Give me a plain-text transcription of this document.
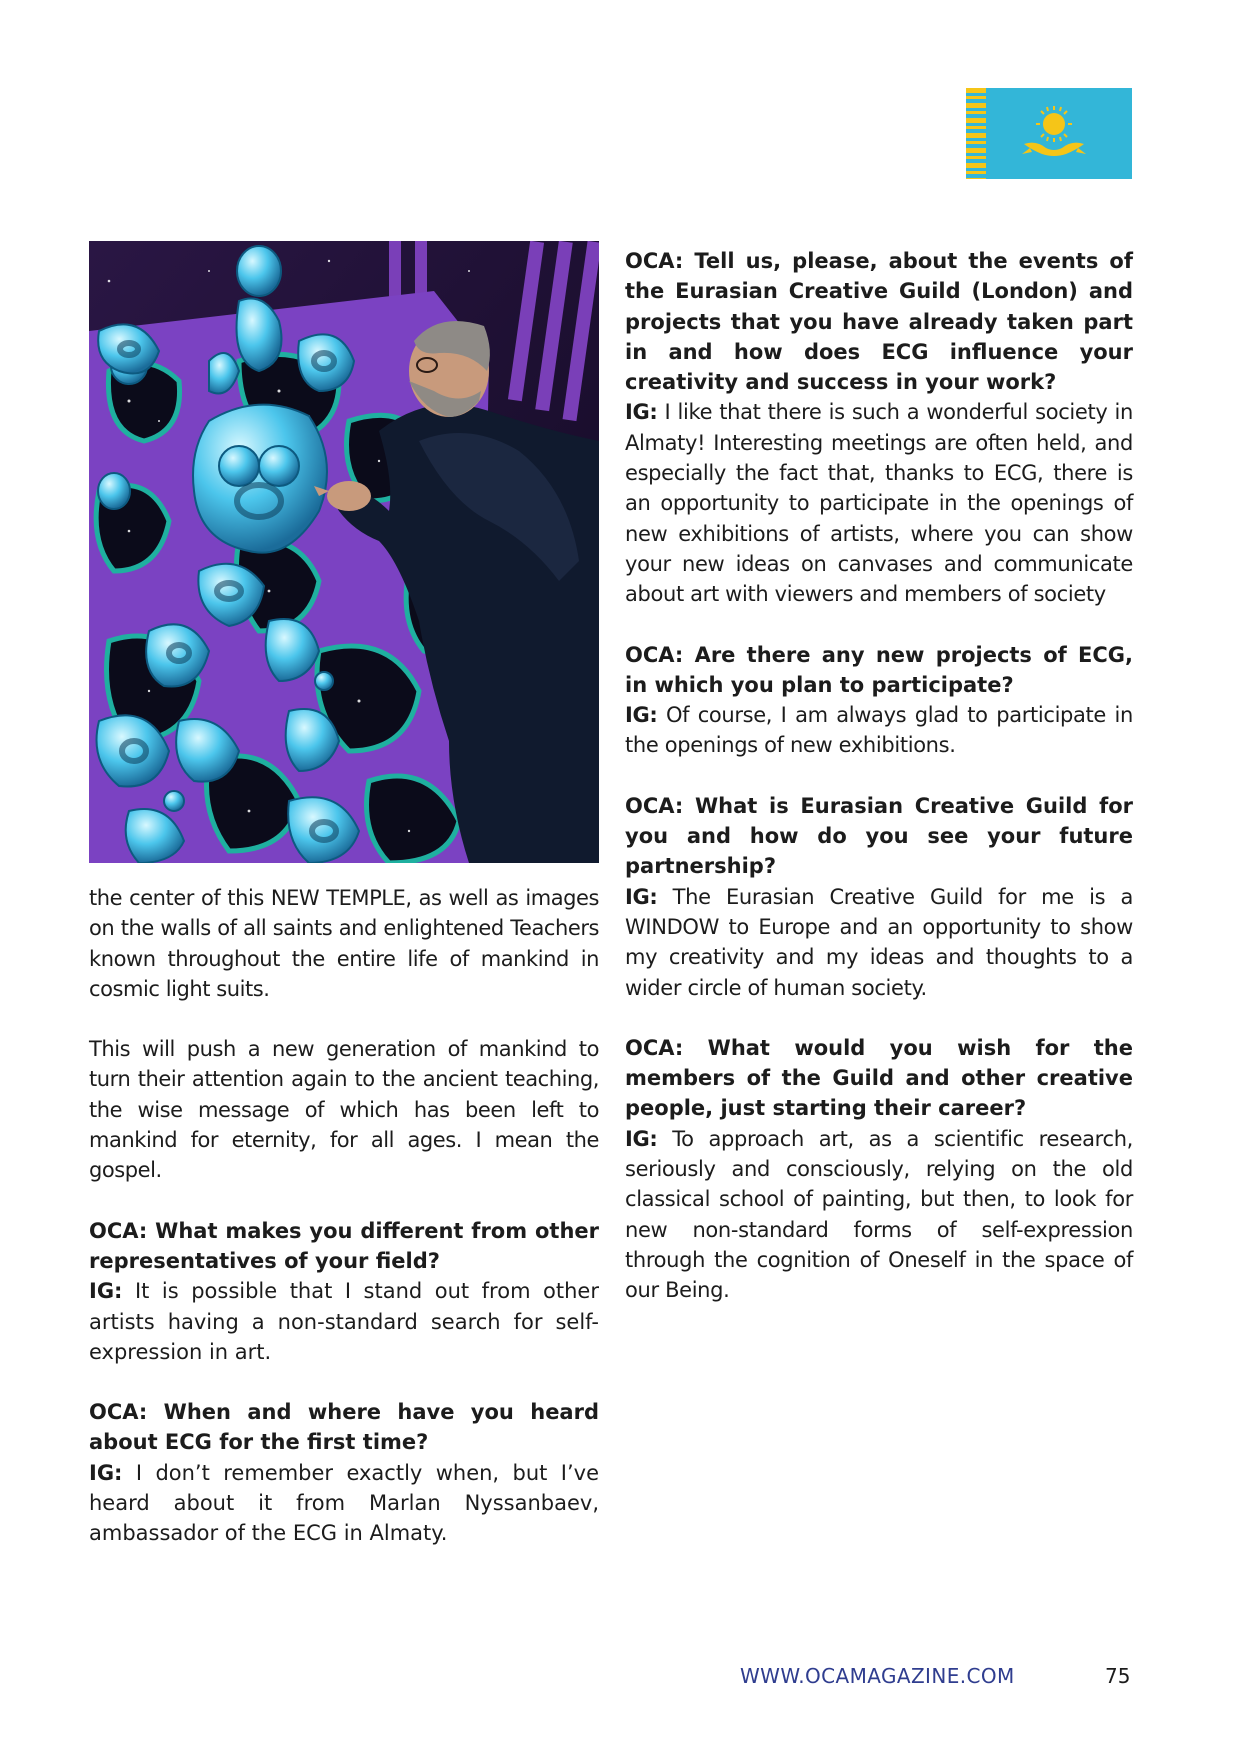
the center of this NEW TEMPLE, as well as images on the walls of all saints and enlightened Teachers known throughout the entire life of mankind in cosmic light suits.

This will push a new generation of mankind to turn their attention again to the ancient teaching, the wise message of which has been left to mankind for eternity, for all ages. I mean the gospel.

OCA: What makes you different from other representatives of your field?

IG: It is possible that I stand out from other artists having a non-standard search for self-expression in art.

OCA: When and where have you heard about ECG for the first time?

IG: I don’t remember exactly when, but I’ve heard about it from Marlan Nyssanbaev, ambassador of the ECG in Almaty.

OCA: Tell us, please, about the events of the Eurasian Creative Guild (London) and projects that you have already taken part in and how does ECG influence your creativity and success in your work?

IG: I like that there is such a wonderful society in Almaty! Interesting meetings are often held, and especially the fact that, thanks to ECG, there is an opportunity to participate in the openings of new exhibitions of artists, where you can show your new ideas on canvases and communicate about art with viewers and members of society

OCA: Are there any new projects of ECG, in which you plan to participate?

IG: Of course, I am always glad to participate in the openings of new exhibitions.

OCA: What is Eurasian Creative Guild for you and how do you see your future partnership?

IG: The Eurasian Creative Guild for me is a WINDOW to Europe and an opportunity to show my creativity and my ideas and thoughts to a wider circle of human society.

OCA: What would you wish for the members of the Guild and other creative people, just starting their career?

IG: To approach art, as a scientific research, seriously and consciously, relying on the old classical school of painting, but then, to look for new non-standard forms of self-expression through the cognition of Oneself in the space of our Being.

WWW.OCAMAGAZINE.COM	75
